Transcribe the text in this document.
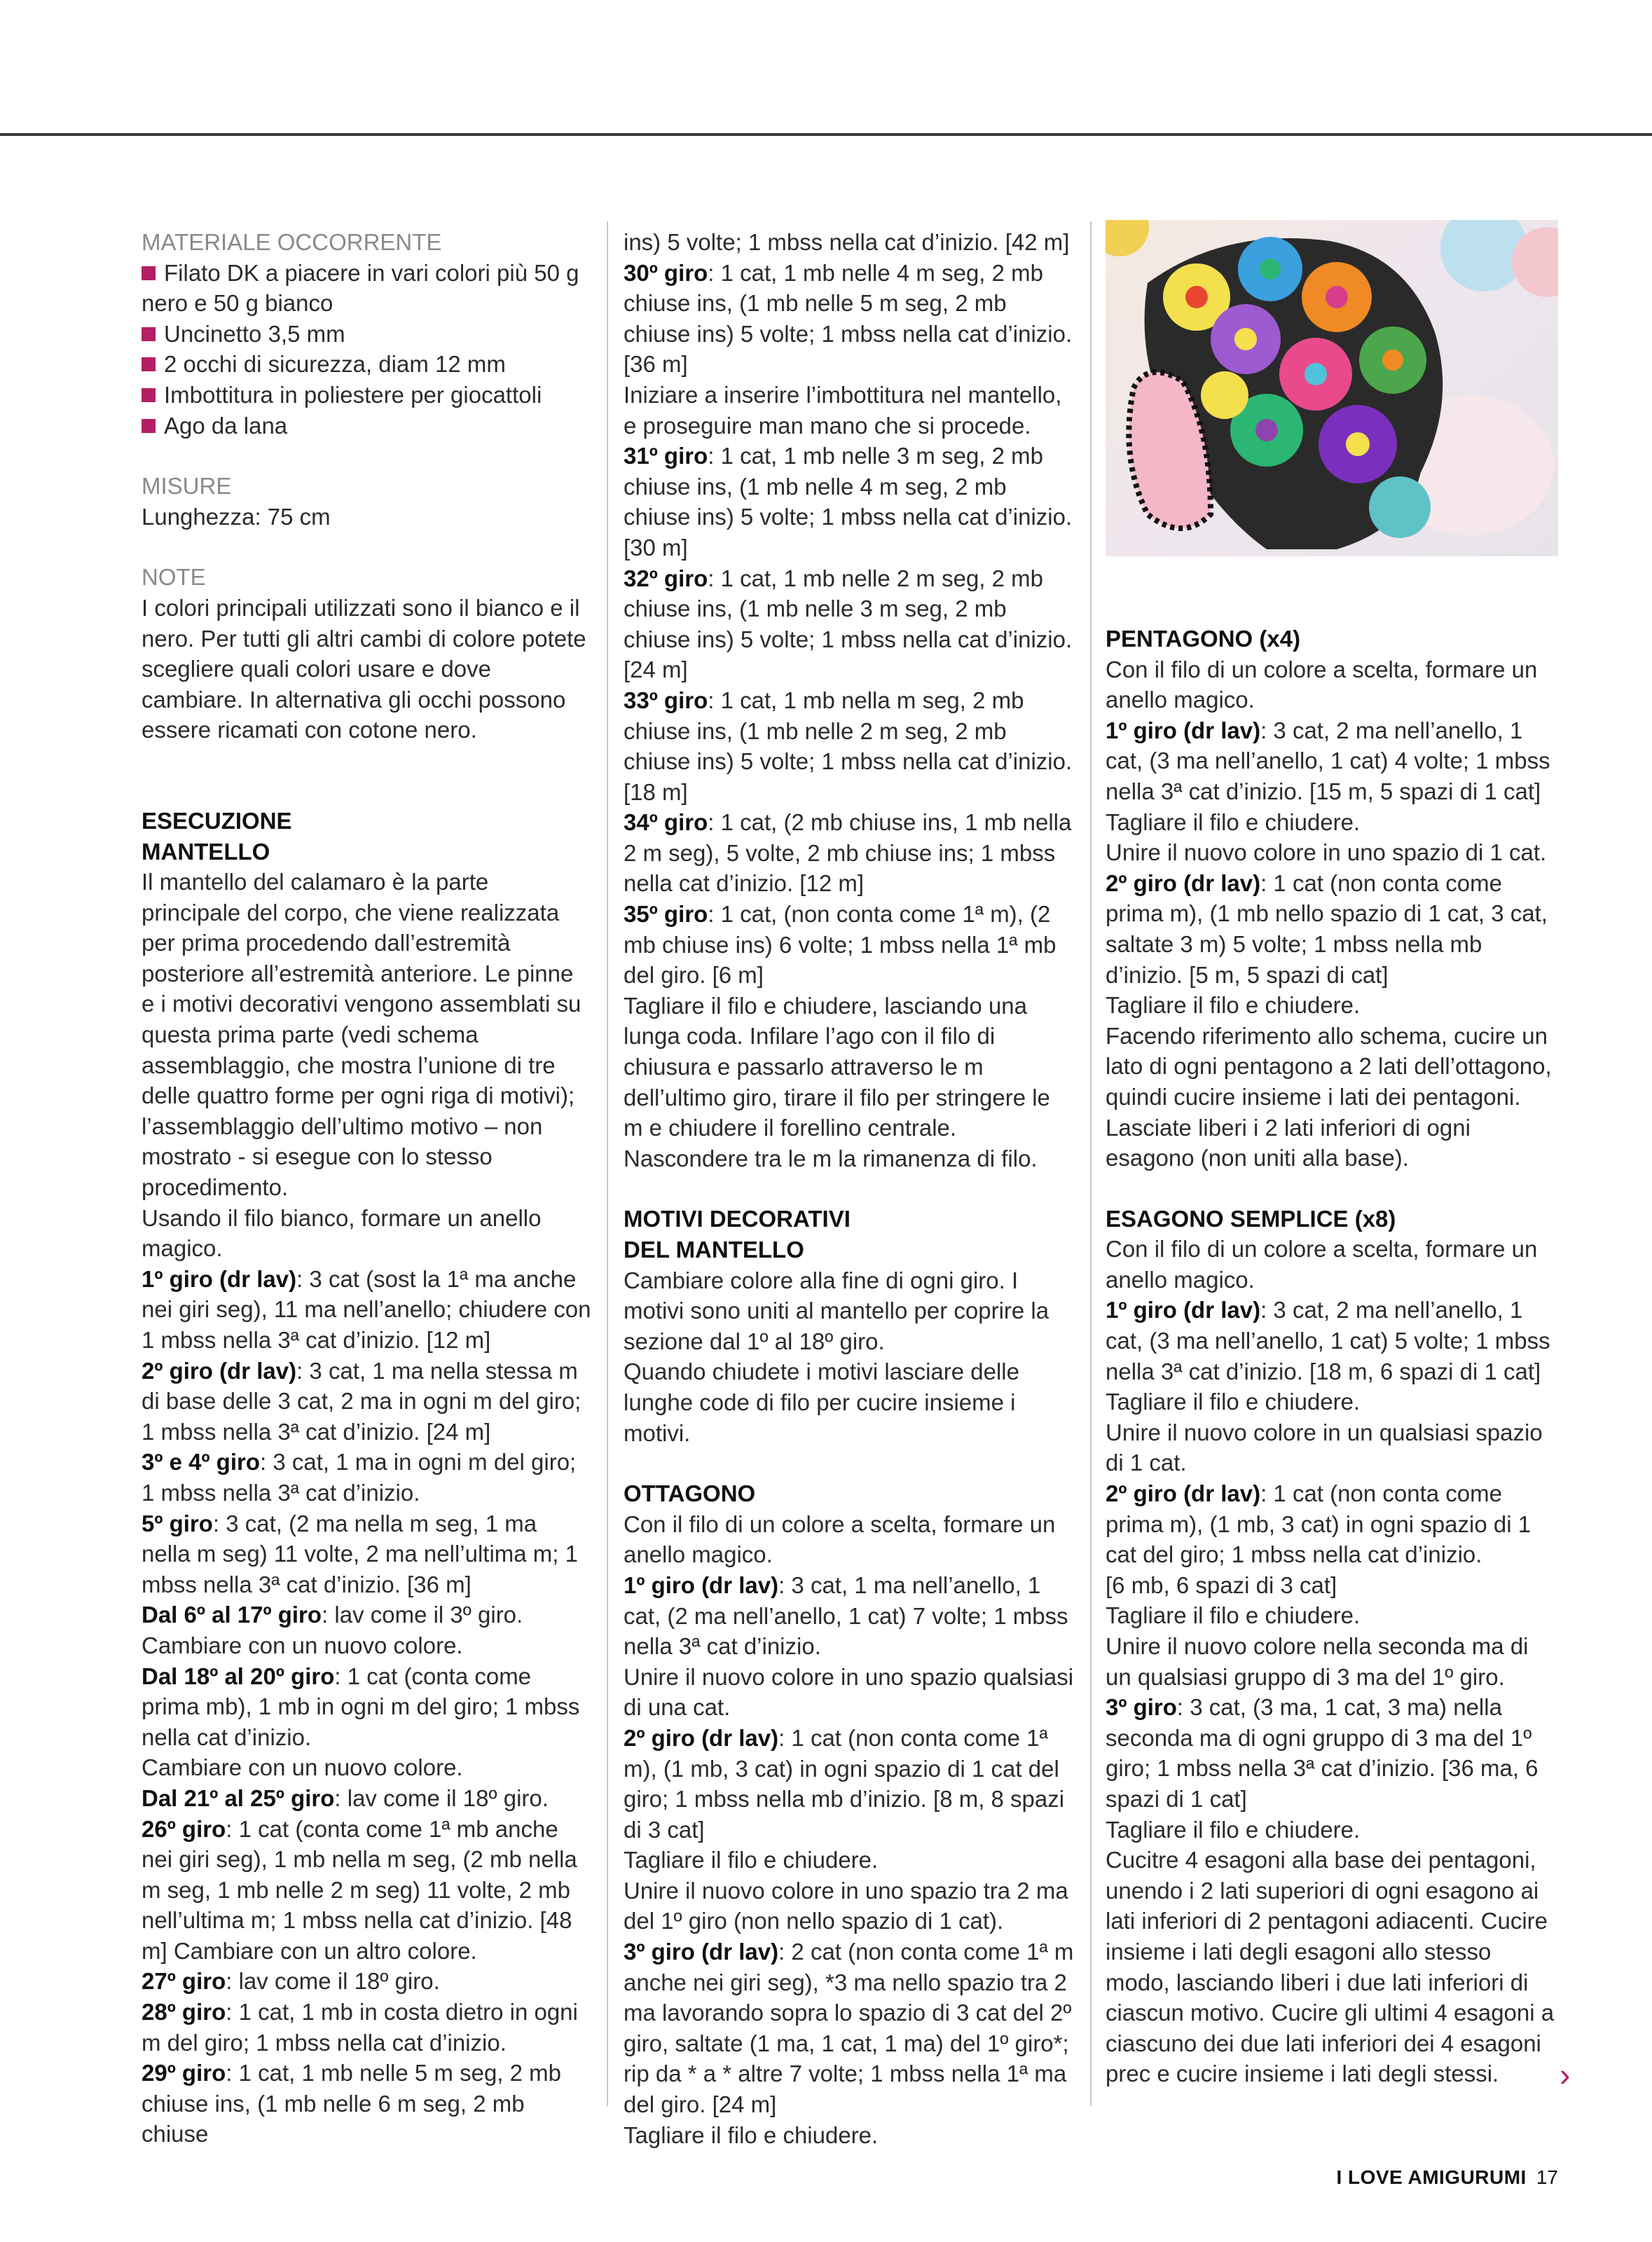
MATERIALE OCCORRENTE
Filato DK a piacere in vari colori più 50 g nero e 50 g bianco
Uncinetto 3,5 mm
2 occhi di sicurezza, diam 12 mm
Imbottitura in poliestere per giocattoli
Ago da lana
MISURE
Lunghezza: 75 cm
NOTE
I colori principali utilizzati sono il bianco e il nero. Per tutti gli altri cambi di colore potete scegliere quali colori usare e dove cambiare. In alternativa gli occhi possono essere ricamati con cotone nero.
ESECUZIONE
MANTELLO
Il mantello del calamaro è la parte principale del corpo, che viene realizzata per prima procedendo dall’estremità posteriore all’estremità anteriore. Le pinne e i motivi decorativi vengono assemblati su questa prima parte (vedi schema assemblaggio, che mostra l’unione di tre delle quattro forme per ogni riga di motivi); l’assemblaggio dell’ultimo motivo – non mostrato - si esegue con lo stesso procedimento.
Usando il filo bianco, formare un anello magico.
1º giro (dr lav): 3 cat (sost la 1ª ma anche nei giri seg), 11 ma nell’anello; chiudere con 1 mbss nella 3ª cat d’inizio. [12 m]
2º giro (dr lav): 3 cat, 1 ma nella stessa m di base delle 3 cat, 2 ma in ogni m del giro; 1 mbss nella 3ª cat d’inizio. [24 m]
3º e 4º giro: 3 cat, 1 ma in ogni m del giro; 1 mbss nella 3ª cat d’inizio.
5º giro: 3 cat, (2 ma nella m seg, 1 ma nella m seg) 11 volte, 2 ma nell’ultima m; 1 mbss nella 3ª cat d’inizio. [36 m]
Dal 6º al 17º giro: lav come il 3º giro.
Cambiare con un nuovo colore.
Dal 18º al 20º giro: 1 cat (conta come prima mb), 1 mb in ogni m del giro; 1 mbss nella cat d’inizio.
Cambiare con un nuovo colore.
Dal 21º al 25º giro: lav come il 18º giro.
26º giro: 1 cat (conta come 1ª mb anche nei giri seg), 1 mb nella m seg, (2 mb nella m seg, 1 mb nelle 2 m seg) 11 volte, 2 mb nell’ultima m; 1 mbss nella cat d’inizio. [48 m] Cambiare con un altro colore.
27º giro: lav come il 18º giro.
28º giro: 1 cat, 1 mb in costa dietro in ogni m del giro; 1 mbss nella cat d’inizio.
29º giro: 1 cat, 1 mb nelle 5 m seg, 2 mb chiuse ins, (1 mb nelle 6 m seg, 2 mb chiuse
ins) 5 volte; 1 mbss nella cat d’inizio. [42 m]
30º giro: 1 cat, 1 mb nelle 4 m seg, 2 mb chiuse ins, (1 mb nelle 5 m seg, 2 mb chiuse ins) 5 volte; 1 mbss nella cat d’inizio. [36 m]
Iniziare a inserire l’imbottitura nel mantello, e proseguire man mano che si procede.
31º giro: 1 cat, 1 mb nelle 3 m seg, 2 mb chiuse ins, (1 mb nelle 4 m seg, 2 mb chiuse ins) 5 volte; 1 mbss nella cat d’inizio. [30 m]
32º giro: 1 cat, 1 mb nelle 2 m seg, 2 mb chiuse ins, (1 mb nelle 3 m seg, 2 mb chiuse ins) 5 volte; 1 mbss nella cat d’inizio. [24 m]
33º giro: 1 cat, 1 mb nella m seg, 2 mb chiuse ins, (1 mb nelle 2 m seg, 2 mb chiuse ins) 5 volte; 1 mbss nella cat d’inizio. [18 m]
34º giro: 1 cat, (2 mb chiuse ins, 1 mb nella 2 m seg), 5 volte, 2 mb chiuse ins; 1 mbss nella cat d’inizio. [12 m]
35º giro: 1 cat, (non conta come 1ª m), (2 mb chiuse ins) 6 volte; 1 mbss nella 1ª mb del giro. [6 m]
Tagliare il filo e chiudere, lasciando una lunga coda. Infilare l’ago con il filo di chiusura e passarlo attraverso le m dell’ultimo giro, tirare il filo per stringere le m e chiudere il forellino centrale.
Nascondere tra le m la rimanenza di filo.
MOTIVI DECORATIVI
DEL MANTELLO
Cambiare colore alla fine di ogni giro. I motivi sono uniti al mantello per coprire la sezione dal 1º al 18º giro.
Quando chiudete i motivi lasciare delle lunghe code di filo per cucire insieme i motivi.
OTTAGONO
Con il filo di un colore a scelta, formare un anello magico.
1º giro (dr lav): 3 cat, 1 ma nell’anello, 1 cat, (2 ma nell’anello, 1 cat) 7 volte; 1 mbss nella 3ª cat d’inizio.
Unire il nuovo colore in uno spazio qualsiasi di una cat.
2º giro (dr lav): 1 cat (non conta come 1ª m), (1 mb, 3 cat) in ogni spazio di 1 cat del giro; 1 mbss nella mb d’inizio. [8 m, 8 spazi di 3 cat]
Tagliare il filo e chiudere.
Unire il nuovo colore in uno spazio tra 2 ma del 1º giro (non nello spazio di 1 cat).
3º giro (dr lav): 2 cat (non conta come 1ª m anche nei giri seg), *3 ma nello spazio tra 2 ma lavorando sopra lo spazio di 3 cat del 2º giro, saltate (1 ma, 1 cat, 1 ma) del 1º giro*; rip da * a * altre 7 volte; 1 mbss nella 1ª ma del giro. [24 m]
Tagliare il filo e chiudere.
PENTAGONO (x4)
Con il filo di un colore a scelta, formare un anello magico.
1º giro (dr lav): 3 cat, 2 ma nell’anello, 1 cat, (3 ma nell’anello, 1 cat) 4 volte; 1 mbss nella 3ª cat d’inizio. [15 m, 5 spazi di 1 cat]
Tagliare il filo e chiudere.
Unire il nuovo colore in uno spazio di 1 cat.
2º giro (dr lav): 1 cat (non conta come prima m), (1 mb nello spazio di 1 cat, 3 cat, saltate 3 m) 5 volte; 1 mbss nella mb d’inizio. [5 m, 5 spazi di cat]
Tagliare il filo e chiudere.
Facendo riferimento allo schema, cucire un lato di ogni pentagono a 2 lati dell’ottagono, quindi cucire insieme i lati dei pentagoni. Lasciate liberi i 2 lati inferiori di ogni esagono (non uniti alla base).
ESAGONO SEMPLICE (x8)
Con il filo di un colore a scelta, formare un anello magico.
1º giro (dr lav): 3 cat, 2 ma nell’anello, 1 cat, (3 ma nell’anello, 1 cat) 5 volte; 1 mbss nella 3ª cat d’inizio. [18 m, 6 spazi di 1 cat]
Tagliare il filo e chiudere.
Unire il nuovo colore in un qualsiasi spazio di 1 cat.
2º giro (dr lav): 1 cat (non conta come prima m), (1 mb, 3 cat) in ogni spazio di 1 cat del giro; 1 mbss nella cat d’inizio.
[6 mb, 6 spazi di 3 cat]
Tagliare il filo e chiudere.
Unire il nuovo colore nella seconda ma di un qualsiasi gruppo di 3 ma del 1º giro.
3º giro: 3 cat, (3 ma, 1 cat, 3 ma) nella seconda ma di ogni gruppo di 3 ma del 1º giro; 1 mbss nella 3ª cat d’inizio. [36 ma, 6 spazi di 1 cat]
Tagliare il filo e chiudere.
Cucitre 4 esagoni alla base dei pentagoni, unendo i 2 lati superiori di ogni esagono ai lati inferiori di 2 pentagoni adiacenti. Cucire insieme i lati degli esagoni allo stesso modo, lasciando liberi i due lati inferiori di ciascun motivo. Cucire gli ultimi 4 esagoni a ciascuno dei due lati inferiori dei 4 esagoni prec e cucire insieme i lati degli stessi.	›
I LOVE AMIGURUMI 17
